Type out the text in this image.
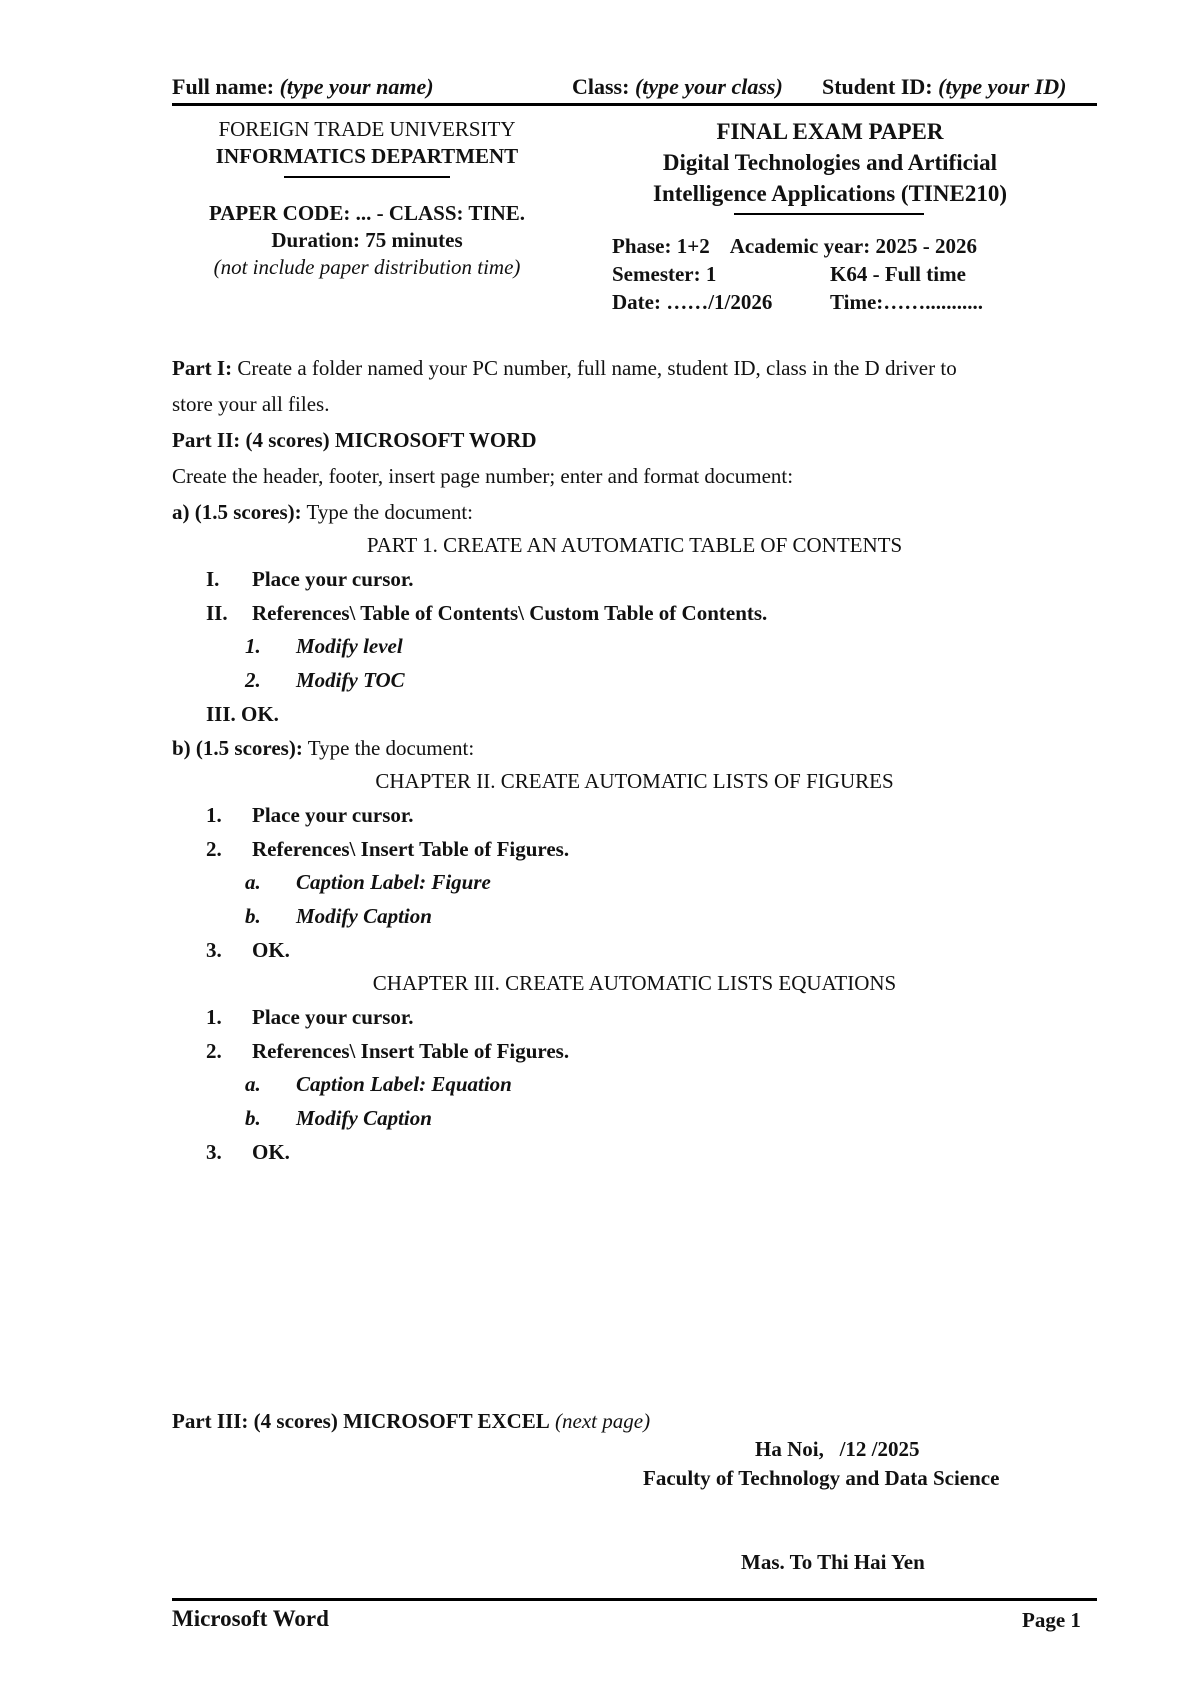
Full name: (type your name)	Class: (type your class) Student ID: (type your ID)
FOREIGN TRADE UNIVERSITY
INFORMATICS DEPARTMENT
PAPER CODE: ... - CLASS: TINE.
Duration: 75 minutes
(not include paper distribution time)
FINAL EXAM PAPER
Digital Technologies and Artificial
Intelligence Applications (TINE210)
Phase: 1+2 Academic year: 2025 - 2026
Semester: 1	K64 - Full time
Date: ……/1/2026	Time:……...........
Part I: Create a folder named your PC number, full name, student ID, class in the D driver to
store your all files.
Part II: (4 scores) MICROSOFT WORD
Create the header, footer, insert page number; enter and format document:
a) (1.5 scores): Type the document:
PART 1. CREATE AN AUTOMATIC TABLE OF CONTENTS
I. Place your cursor.
II. References\ Table of Contents\ Custom Table of Contents.
1. Modify level
2. Modify TOC
III. OK.
b) (1.5 scores): Type the document:
CHAPTER II. CREATE AUTOMATIC LISTS OF FIGURES
1. Place your cursor.
2. References\ Insert Table of Figures.
a. Caption Label: Figure
b. Modify Caption
3. OK.
CHAPTER III. CREATE AUTOMATIC LISTS EQUATIONS
1. Place your cursor.
2. References\ Insert Table of Figures.
a. Caption Label: Equation
b. Modify Caption
3. OK.
Part III: (4 scores) MICROSOFT EXCEL (next page)
Ha Noi,   /12 /2025
Faculty of Technology and Data Science
Mas. To Thi Hai Yen
Microsoft Word	Page 1
